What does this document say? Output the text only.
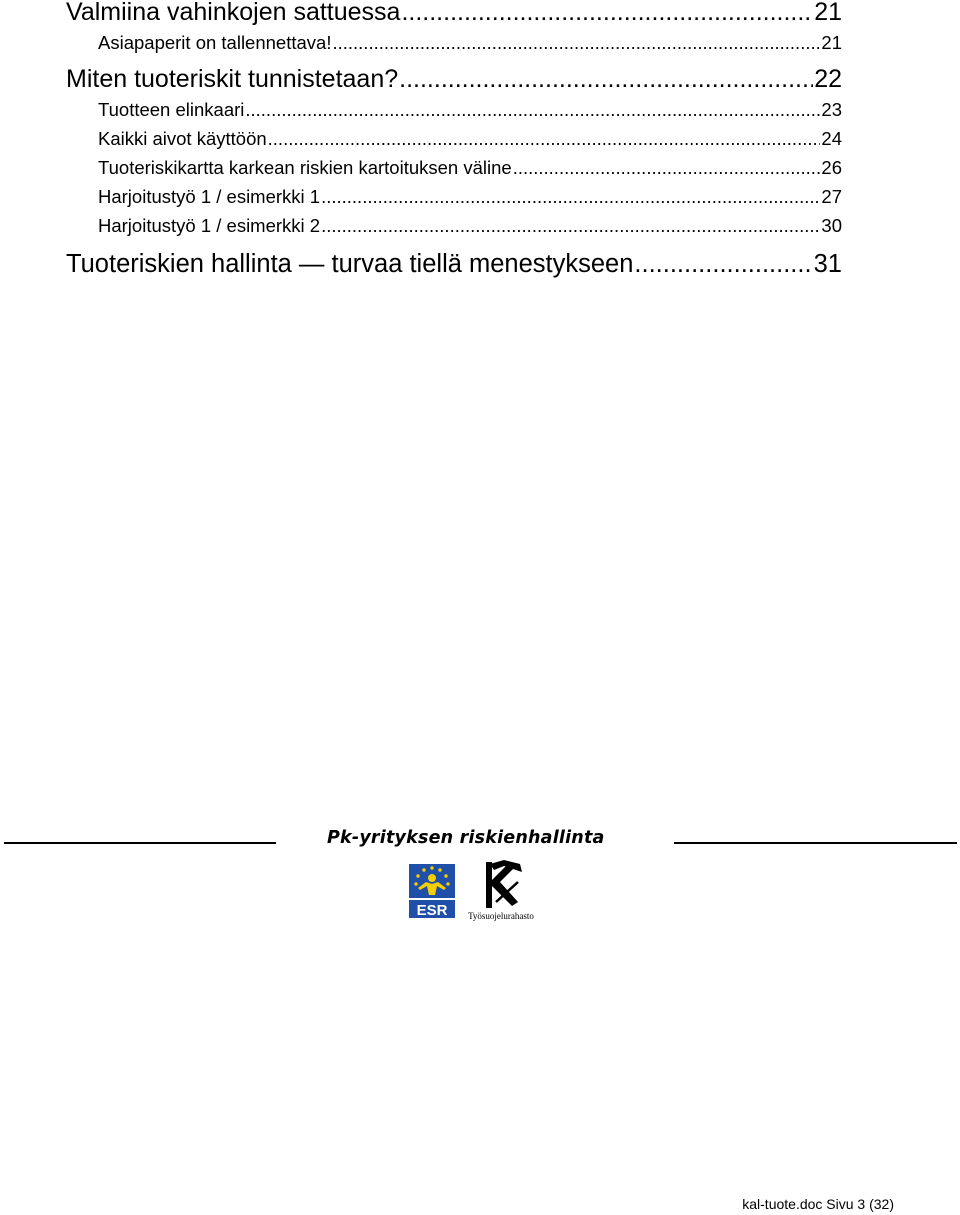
Valmiina vahinkojen sattuessa .....	21
Asiapaperit on tallennettava! .....	21
Miten tuoteriskit tunnistetaan? .....	22
Tuotteen elinkaari .....	23
Kaikki aivot käyttöön .....	24
Tuoteriskikartta karkean riskien kartoituksen väline .....	26
Harjoitustyö 1 / esimerkki 1 .....	27
Harjoitustyö 1 / esimerkki 2 .....	30
Tuoteriskien hallinta — turvaa tiellä menestykseen .....	31
Pk-yrityksen riskienhallinta
ESR Työsuojelurahasto
kal-tuote.doc Sivu 3 (32)
